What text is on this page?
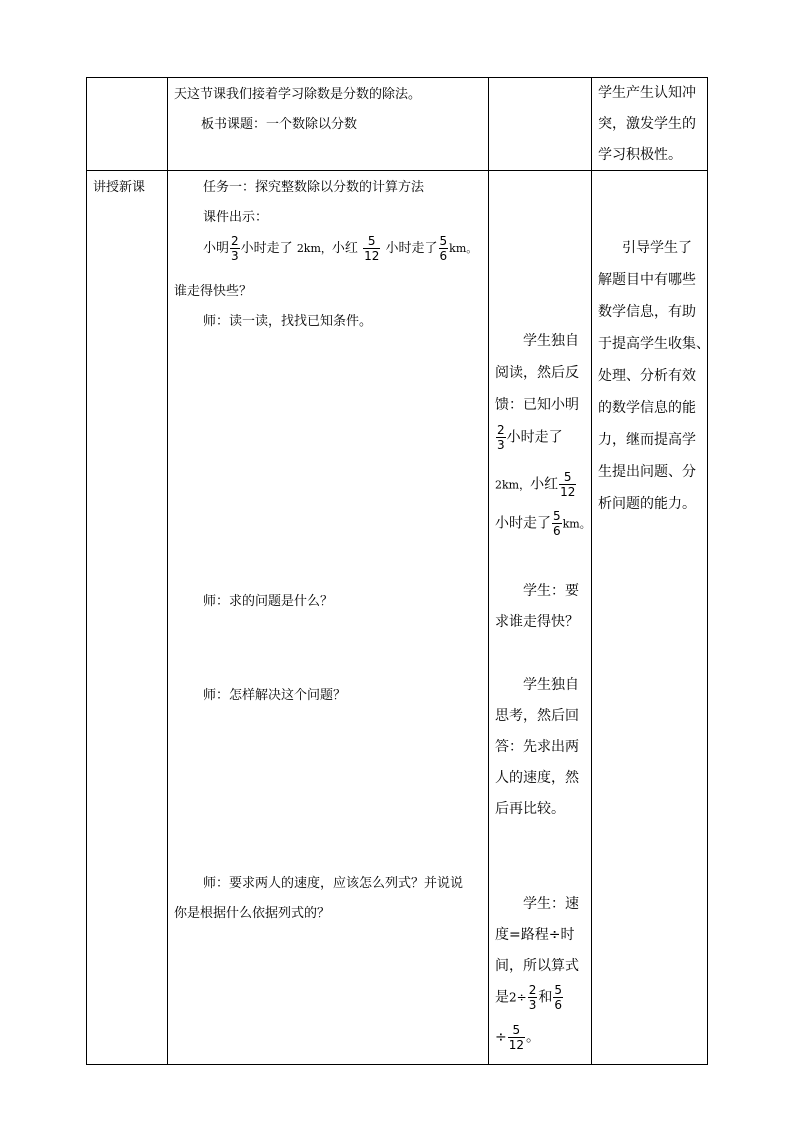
天这节课我们接着学习除数是分数的除法。
板书课题：一个数除以分数
学生产生认知冲
突，激发学生的
学习积极性。
讲授新课	任务一：探究整数除以分数的计算方法
课件出示：
小明 $\frac{2}{3}$ 小时走了 2km，小红 $\frac{5}{12}$ 小时走了 $\frac{5}{6}$ km。
谁走得快些？
师：读一读，找找已知条件。
师：求的问题是什么？
师：怎样解决这个问题？
师：要求两人的速度，应该怎么列式？并说说
你是根据什么依据列式的？
学生独自
阅读，然后反
馈：已知小明
$\frac{2}{3}$ 小时走了
2km，小红 $\frac{5}{12}$
小时走了 $\frac{5}{6}$ km。
学生：要
求谁走得快？
学生独自
思考，然后回
答：先求出两
人的速度，然
后再比较。
学生：速
度=路程÷时
间，所以算式
是$2\div \frac{2}{3}$ 和 $\frac{5}{6}$
÷ $\frac{5}{12}$ 。
引导学生了
解题目中有哪些
数学信息，有助
于提高学生收集、
处理、分析有效
的数学信息的能
力，继而提高学
生提出问题、分
析问题的能力。
